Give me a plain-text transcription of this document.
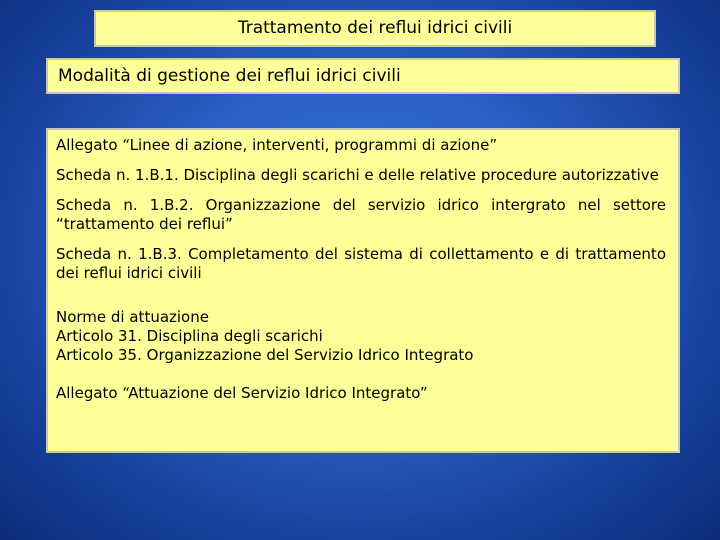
Trattamento dei reflui idrici civili
Modalità di gestione dei reflui idrici civili

Allegato “Linee di azione, interventi, programmi di azione”

Scheda n. 1.B.1. Disciplina degli scarichi e delle relative procedure autorizzative

Scheda n. 1.B.2. Organizzazione del servizio idrico intergrato nel settore “trattamento dei reflui”

Scheda n. 1.B.3. Completamento del sistema di collettamento e di trattamento dei reflui idrici civili

Norme di attuazione

Articolo 31. Disciplina degli scarichi

Articolo 35. Organizzazione del Servizio Idrico Integrato

Allegato “Attuazione del Servizio Idrico Integrato”
